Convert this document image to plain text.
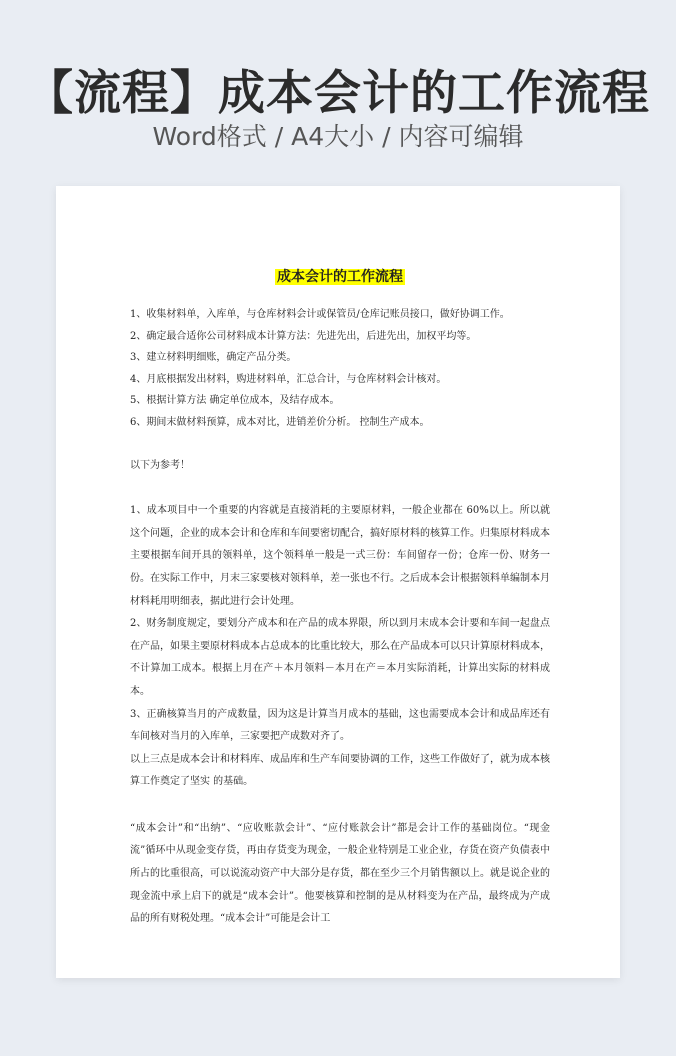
【流程】成本会计的工作流程
Word格式 / A4大小 / 内容可编辑
成本会计的工作流程
1、收集材料单，入库单，与仓库材料会计或保管员/仓库记账员接口，做好协调工作。
2、确定最合适你公司材料成本计算方法：先进先出，后进先出，加权平均等。
3、建立材料明细账，确定产品分类。
4、月底根据发出材料，购进材料单，汇总合计，与仓库材料会计核对。
5、根据计算方法 确定单位成本，及结存成本。
6、期间末做材料预算，成本对比，进销差价分析。 控制生产成本。
以下为参考！
1、成本项目中一个重要的内容就是直接消耗的主要原材料，一般企业都在 60%以上。所以就这个问题，企业的成本会计和仓库和车间要密切配合，搞好原材料的核算工作。归集原材料成本主要根据车间开具的领料单，这个领料单一般是一式三份：车间留存一份；仓库一份、财务一份。在实际工作中，月末三家要核对领料单，差一张也不行。之后成本会计根据领料单编制本月材料耗用明细表，据此进行会计处理。
2、财务制度规定，要划分产成本和在产品的成本界限，所以到月末成本会计要和车间一起盘点在产品，如果主要原材料成本占总成本的比重比较大，那么在产品成本可以只计算原材料成本，不计算加工成本。根据上月在产＋本月领料－本月在产＝本月实际消耗，计算出实际的材料成本。
3、正确核算当月的产成数量，因为这是计算当月成本的基础，这也需要成本会计和成品库还有车间核对当月的入库单，三家要把产成数对齐了。
以上三点是成本会计和材料库、成品库和生产车间要协调的工作，这些工作做好了，就为成本核算工作奠定了坚实 的基础。
“成本会计”和“出纳”、“应收账款会计”、“应付账款会计”都是会计工作的基础岗位。“现金流”循环中从现金变存货，再由存货变为现金，一般企业特别是工业企业，存货在资产负债表中所占的比重很高，可以说流动资产中大部分是存货，都在至少三个月销售额以上。就是说企业的现金流中承上启下的就是“成本会计”。他要核算和控制的是从材料变为在产品，最终成为产成品的所有财税处理。“成本会计”可能是会计工
